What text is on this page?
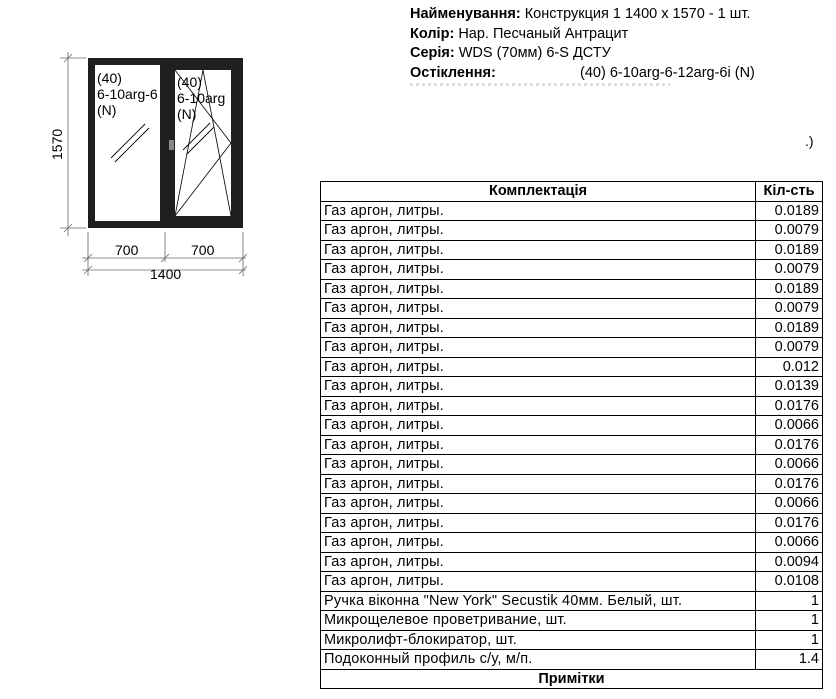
Найменування: Конструкция 1 1400 x 1570 - 1 шт.
Колір: Нар. Песчаный Антрацит
Серія: WDS (70мм) 6-S ДСТУ
Остіклення:	(40) 6-10arg-6-12arg-6i (N)
.)
1570
700	700
1400
(40)
6-10arg-6
(N)
(40)
6-10arg
(N)
Комплектація	Кіл-сть
Газ аргон, литры.	0.0189
Газ аргон, литры.	0.0079
Газ аргон, литры.	0.0189
Газ аргон, литры.	0.0079
Газ аргон, литры.	0.0189
Газ аргон, литры.	0.0079
Газ аргон, литры.	0.0189
Газ аргон, литры.	0.0079
Газ аргон, литры.	0.012
Газ аргон, литры.	0.0139
Газ аргон, литры.	0.0176
Газ аргон, литры.	0.0066
Газ аргон, литры.	0.0176
Газ аргон, литры.	0.0066
Газ аргон, литры.	0.0176
Газ аргон, литры.	0.0066
Газ аргон, литры.	0.0176
Газ аргон, литры.	0.0066
Газ аргон, литры.	0.0094
Газ аргон, литры.	0.0108
Ручка віконна "New York" Secustik 40мм. Белый, шт.	1
Микрощелевое проветривание, шт.	1
Микролифт-блокиратор, шт.	1
Подоконный профиль с/у, м/п.	1.4
Примітки	
